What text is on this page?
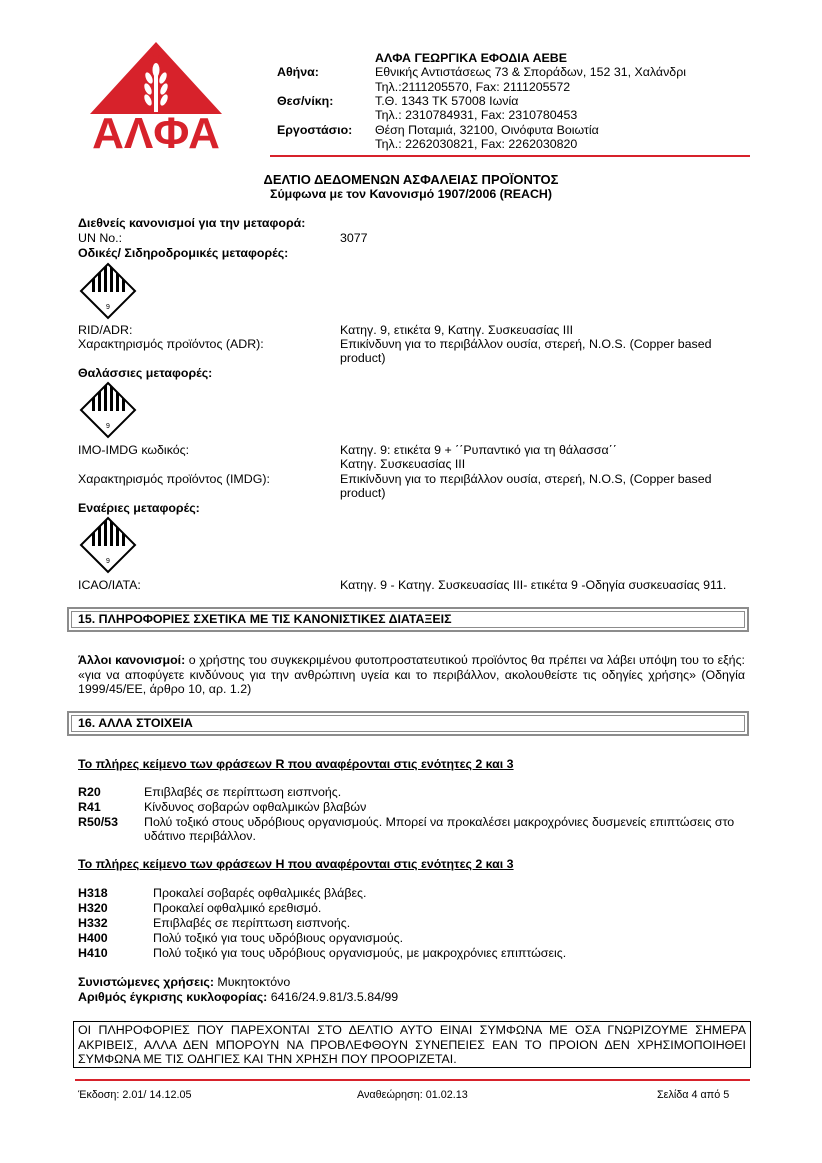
ΑΛΦΑ
ΑΛΦΑ ΓΕΩΡΓΙΚΑ ΕΦΟΔΙΑ ΑΕΒΕ
Αθήνα:	Εθνικής Αντιστάσεως 73 & Σποράδων, 152 31, Χαλάνδρι
Τηλ.:2111205570, Fax: 2111205572
Θεσ/νίκη:	Τ.Θ. 1343 ΤΚ 57008 Ιωνία
Τηλ.: 2310784931, Fax: 2310780453
Εργοστάσιο: Θέση Ποταμιά, 32100, Οινόφυτα Βοιωτία
Τηλ.: 2262030821, Fax: 2262030820
ΔΕΛΤΙΟ ΔΕΔΟΜΕΝΩΝ ΑΣΦΑΛΕΙΑΣ ΠΡΟΪΟΝΤΟΣ
Σύμφωνα με τον Κανονισμό 1907/2006 (REACH)
Διεθνείς κανονισμοί για την μεταφορά:
UN No.:	3077
Οδικές/ Σιδηροδρομικές μεταφορές:
9
RID/ADR:	Κατηγ. 9, ετικέτα 9, Κατηγ. Συσκευασίας III
Χαρακτηρισμός προϊόντος (ADR):	Επικίνδυνη για το περιβάλλον ουσία, στερεή, N.O.S. (Copper based
product)
Θαλάσσιες μεταφορές:
9
IMO-IMDG κωδικός:	Κατηγ. 9: ετικέτα 9 + ΄΄Ρυπαντικό για τη θάλασσα΄΄
Κατηγ. Συσκευασίας III
Χαρακτηρισμός προϊόντος (IMDG):	Επικίνδυνη για το περιβάλλον ουσία, στερεή, N.O.S, (Copper based
product)
Εναέριες μεταφορές:
9
ICAO/IATA:	Κατηγ. 9 - Κατηγ. Συσκευασίας III- ετικέτα 9 -Οδηγία συσκευασίας 911.
15. ΠΛΗΡΟΦΟΡΙΕΣ ΣΧΕΤΙΚΑ ΜΕ ΤΙΣ ΚΑΝΟΝΙΣΤΙΚΕΣ ΔΙΑΤΑΞΕΙΣ
Άλλοι κανονισμοί: ο χρήστης του συγκεκριμένου φυτοπροστατευτικού προϊόντος θα πρέπει να λάβει υπόψη του το εξής: «για να αποφύγετε κινδύνους για την ανθρώπινη υγεία και το περιβάλλον, ακολουθείστε τις οδηγίες χρήσης» (Οδηγία 1999/45/ΕΕ, άρθρο 10, αρ. 1.2)
16. ΑΛΛΑ ΣΤΟΙΧΕΙΑ
Το πλήρες κείμενο των φράσεων R που αναφέρονται στις ενότητες 2 και 3
R20	Επιβλαβές σε περίπτωση εισπνοής.
R41	Κίνδυνος σοβαρών οφθαλμικών βλαβών
R50/53 Πολύ τοξικό στους υδρόβιους οργανισμούς. Μπορεί να προκαλέσει μακροχρόνιες δυσμενείς επιπτώσεις στο
υδάτινο περιβάλλον.
Το πλήρες κείμενο των φράσεων Η που αναφέρονται στις ενότητες 2 και 3
H318	Προκαλεί σοβαρές οφθαλμικές βλάβες.
H320	Προκαλεί οφθαλμικό ερεθισμό.
H332	Επιβλαβές σε περίπτωση εισπνοής.
H400	Πολύ τοξικό για τους υδρόβιους οργανισμούς.
H410	Πολύ τοξικό για τους υδρόβιους οργανισμούς, με μακροχρόνιες επιπτώσεις.
Συνιστώμενες χρήσεις: Μυκητοκτόνο
Αριθμός έγκρισης κυκλοφορίας: 6416/24.9.81/3.5.84/99
ΟΙ ΠΛΗΡΟΦΟΡΙΕΣ ΠΟΥ ΠΑΡΕΧΟΝΤΑΙ ΣΤΟ ΔΕΛΤΙΟ ΑΥΤΟ ΕΙΝΑΙ ΣΥΜΦΩΝΑ ΜΕ ΟΣΑ ΓΝΩΡΙΖΟΥΜΕ ΣΗΜΕΡΑ ΑΚΡΙΒΕΙΣ, ΑΛΛΑ ΔΕΝ ΜΠΟΡΟΥΝ ΝΑ ΠΡΟΒΛΕΦΘΟΥΝ ΣΥΝΕΠΕΙΕΣ ΕΑΝ ΤΟ ΠΡΟΙΟΝ ΔΕΝ ΧΡΗΣΙΜΟΠΟΙΗΘΕΙ ΣΥΜΦΩΝΑ ΜΕ ΤΙΣ ΟΔΗΓΙΕΣ ΚΑΙ ΤΗΝ ΧΡΗΣΗ ΠΟΥ ΠΡΟΟΡΙΖΕΤΑΙ.
Έκδοση: 2.01/ 14.12.05	Αναθεώρηση: 01.02.13	Σελίδα 4 από 5
